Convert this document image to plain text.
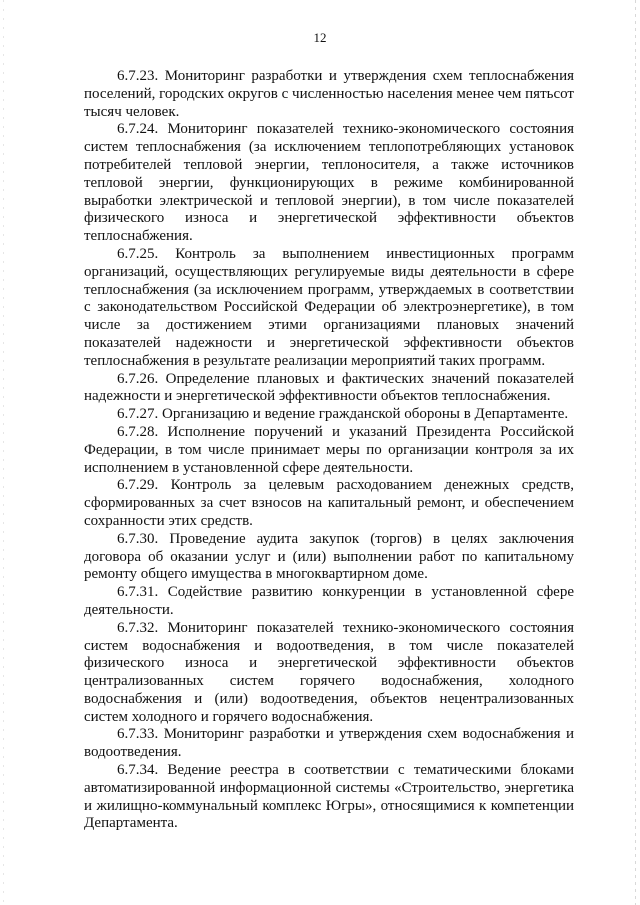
12

6.7.23. Мониторинг разработки и утверждения схем теплоснабжения поселений, городских округов с численностью населения менее чем пятьсот тысяч человек.

6.7.24. Мониторинг показателей технико-экономического состояния систем теплоснабжения (за исключением теплопотребляющих установок потребителей тепловой энергии, теплоносителя, а также источников тепловой энергии, функционирующих в режиме комбинированной выработки электрической и тепловой энергии), в том числе показателей физического износа и энергетической эффективности объектов теплоснабжения.

6.7.25. Контроль за выполнением инвестиционных программ организаций, осуществляющих регулируемые виды деятельности в сфере теплоснабжения (за исключением программ, утверждаемых в соответствии с законодательством Российской Федерации об электроэнергетике), в том числе за достижением этими организациями плановых значений показателей надежности и энергетической эффективности объектов теплоснабжения в результате реализации мероприятий таких программ.

6.7.26. Определение плановых и фактических значений показателей надежности и энергетической эффективности объектов теплоснабжения.

6.7.27. Организацию и ведение гражданской обороны в Департаменте.

6.7.28. Исполнение поручений и указаний Президента Российской Федерации, в том числе принимает меры по организации контроля за их исполнением в установленной сфере деятельности.

6.7.29. Контроль за целевым расходованием денежных средств, сформированных за счет взносов на капитальный ремонт, и обеспечением сохранности этих средств.

6.7.30. Проведение аудита закупок (торгов) в целях заключения договора об оказании услуг и (или) выполнении работ по капитальному ремонту общего имущества в многоквартирном доме.

6.7.31. Содействие развитию конкуренции в установленной сфере деятельности.

6.7.32. Мониторинг показателей технико-экономического состояния систем водоснабжения и водоотведения, в том числе показателей физического износа и энергетической эффективности объектов централизованных систем горячего водоснабжения, холодного водоснабжения и (или) водоотведения, объектов нецентрализованных систем холодного и горячего водоснабжения.

6.7.33. Мониторинг разработки и утверждения схем водоснабжения и водоотведения.

6.7.34. Ведение реестра в соответствии с тематическими блоками автоматизированной информационной системы «Строительство, энергетика и жилищно-коммунальный комплекс Югры», относящимися к компетенции Департамента.
